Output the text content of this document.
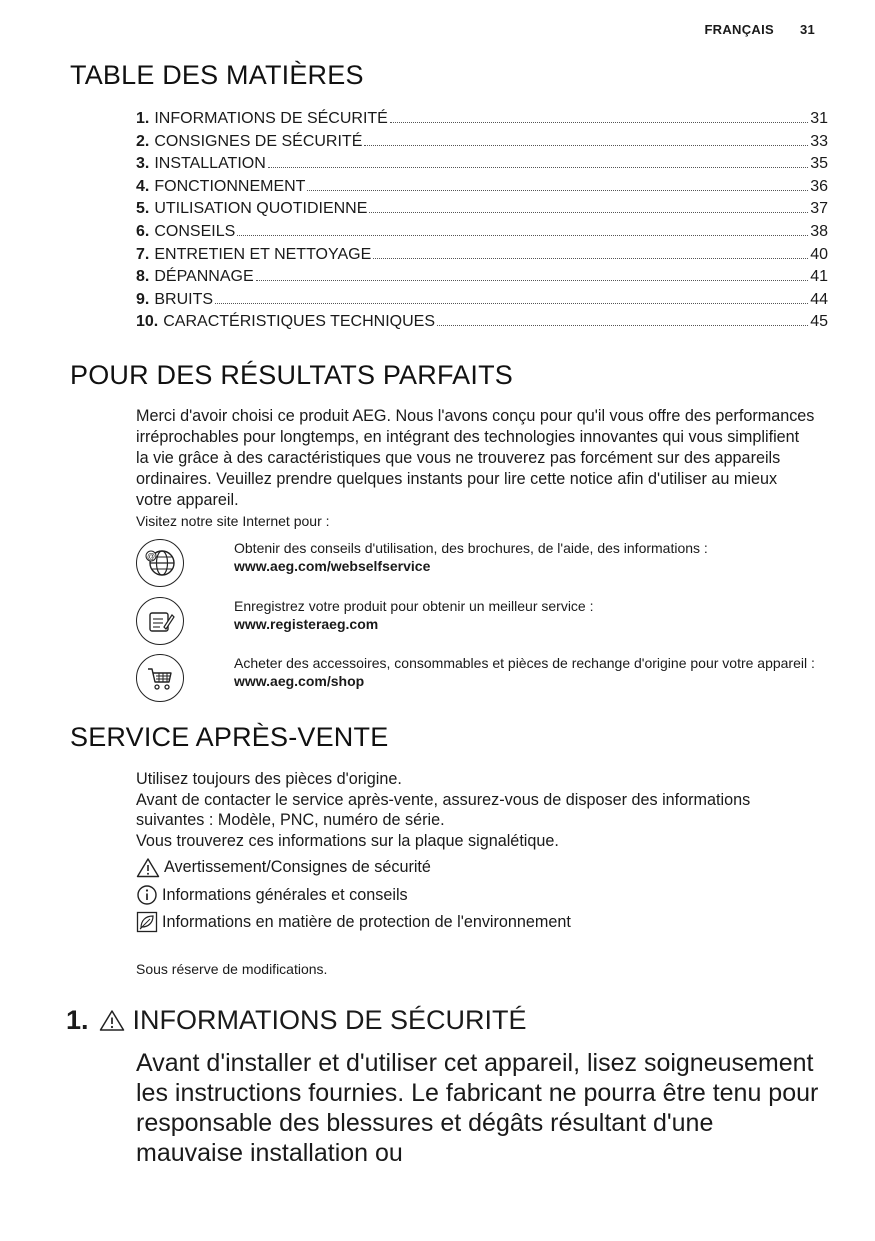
FRANÇAIS 31
TABLE DES MATIÈRES
1. INFORMATIONS DE SÉCURITÉ	31
2. CONSIGNES DE SÉCURITÉ	33
3. INSTALLATION	35
4. FONCTIONNEMENT	36
5. UTILISATION QUOTIDIENNE	37
6. CONSEILS	38
7. ENTRETIEN ET NETTOYAGE	40
8. DÉPANNAGE	41
9. BRUITS	44
10. CARACTÉRISTIQUES TECHNIQUES	45
POUR DES RÉSULTATS PARFAITS

Merci d'avoir choisi ce produit AEG. Nous l'avons conçu pour qu'il vous offre des performances irréprochables pour longtemps, en intégrant des technologies innovantes qui vous simplifient la vie grâce à des caractéristiques que vous ne trouverez pas forcément sur des appareils ordinaires. Veuillez prendre quelques instants pour lire cette notice afin d'utiliser au mieux votre appareil.

Visitez notre site Internet pour :

@
Obtenir des conseils d'utilisation, des brochures, de l'aide, des informations :
www.aeg.com/webselfservice
Enregistrez votre produit pour obtenir un meilleur service :
www.registeraeg.com
Acheter des accessoires, consommables et pièces de rechange d'origine pour votre appareil :
www.aeg.com/shop
SERVICE APRÈS-VENTE
Utilisez toujours des pièces d'origine.
Avant de contacter le service après-vente, assurez-vous de disposer des informations suivantes : Modèle, PNC, numéro de série.
Vous trouverez ces informations sur la plaque signalétique.
Avertissement/Consignes de sécurité
Informations générales et conseils
Informations en matière de protection de l'environnement

Sous réserve de modifications.

1. INFORMATIONS DE SÉCURITÉ

Avant d'installer et d'utiliser cet appareil, lisez soigneusement les instructions fournies. Le fabricant ne pourra être tenu pour responsable des blessures et dégâts résultant d'une mauvaise installation ou
